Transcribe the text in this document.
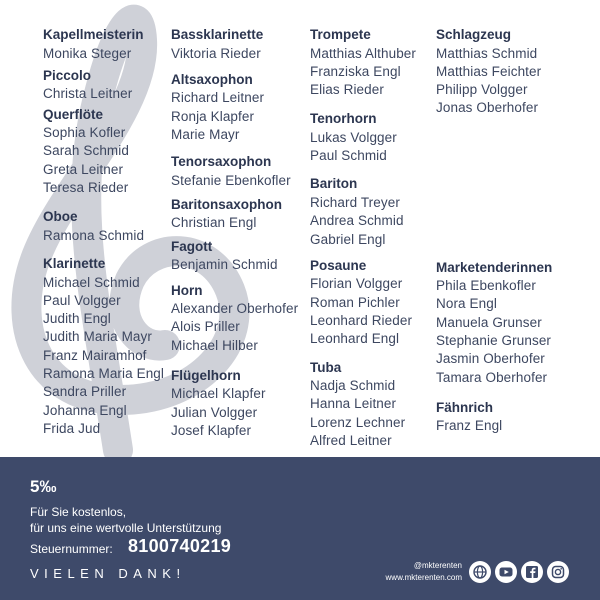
Kapellmeisterin
Monika Steger
Piccolo
Christa Leitner
Querflöte
Sophia Kofler
Sarah Schmid
Greta Leitner
Teresa Rieder
Oboe
Ramona Schmid
Klarinette
Michael Schmid
Paul Volgger
Judith Engl
Judith Maria Mayr
Franz Mairamhof
Ramona Maria Engl
Sandra Priller
Johanna Engl
Frida Jud
Bassklarinette
Viktoria Rieder
Altsaxophon
Richard Leitner
Ronja Klapfer
Marie Mayr
Tenorsaxophon
Stefanie Ebenkofler
Baritonsaxophon
Christian Engl
Fagott
Benjamin Schmid
Horn
Alexander Oberhofer
Alois Priller
Michael Hilber
Flügelhorn
Michael Klapfer
Julian Volgger
Josef Klapfer
Trompete
Matthias Althuber
Franziska Engl
Elias Rieder
Tenorhorn
Lukas Volgger
Paul Schmid
Bariton
Richard Treyer
Andrea Schmid
Gabriel Engl
Posaune
Florian Volgger
Roman Pichler
Leonhard Rieder
Leonhard Engl
Tuba
Nadja Schmid
Hanna Leitner
Lorenz Lechner
Alfred Leitner
Schlagzeug
Matthias Schmid
Matthias Feichter
Philipp Volgger
Jonas Oberhofer
Marketenderinnen
Phila Ebenkofler
Nora Engl
Manuela Grunser
Stephanie Grunser
Jasmin Oberhofer
Tamara Oberhofer
Fähnrich
Franz Engl
5‰
Für Sie kostenlos,
für uns eine wertvolle Unterstützung
Steuernummer: 8100740219
VIELEN DANK!
@mkterenten
www.mkterenten.com
